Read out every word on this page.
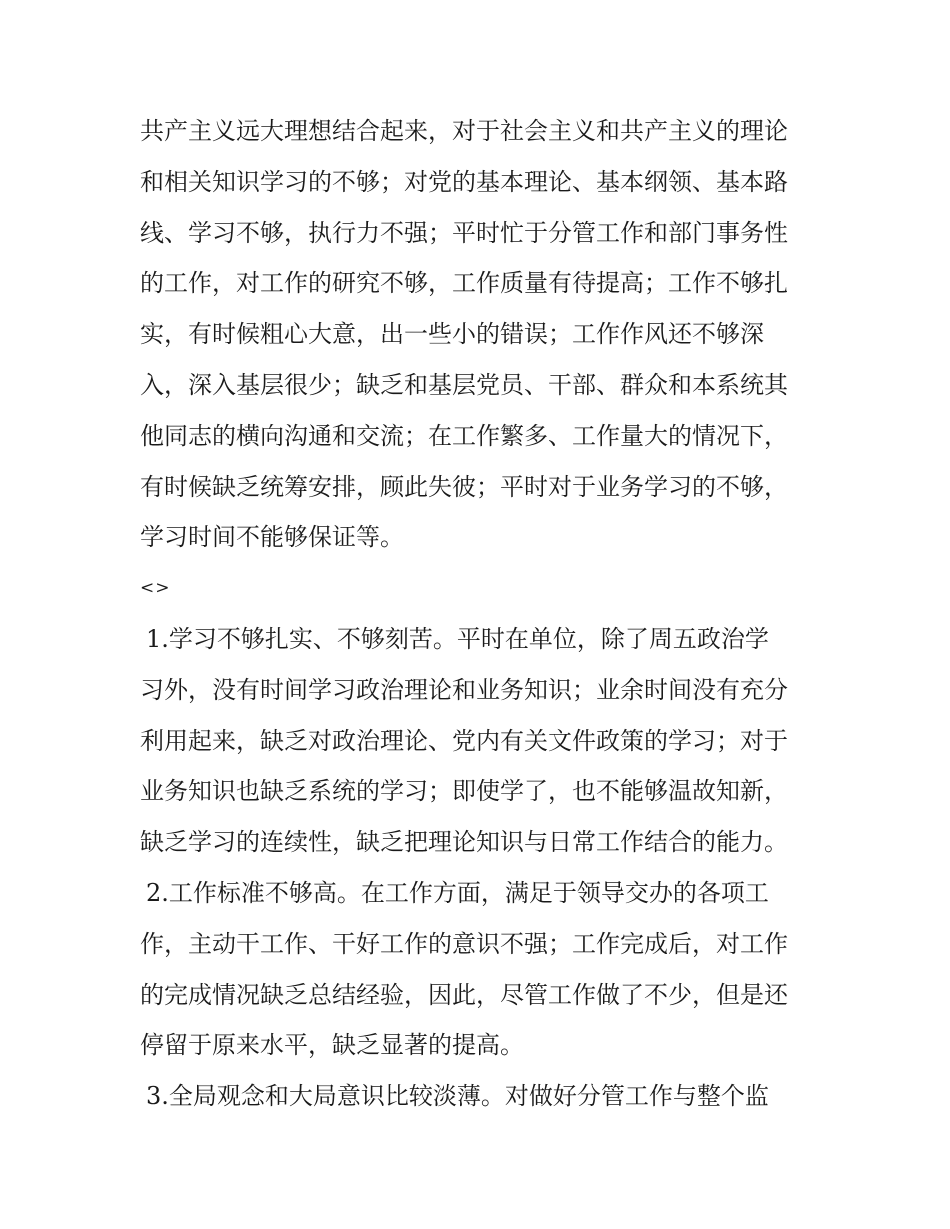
共产主义远大理想结合起来，对于社会主义和共产主义的理论
和相关知识学习的不够；对党的基本理论、基本纲领、基本路
线、学习不够，执行力不强；平时忙于分管工作和部门事务性
的工作，对工作的研究不够，工作质量有待提高；工作不够扎
实，有时候粗心大意，出一些小的错误；工作作风还不够深
入，深入基层很少；缺乏和基层党员、干部、群众和本系统其
他同志的横向沟通和交流；在工作繁多、工作量大的情况下，
有时候缺乏统筹安排，顾此失彼；平时对于业务学习的不够，
学习时间不能够保证等。
<>
1.学习不够扎实、不够刻苦。平时在单位，除了周五政治学
习外，没有时间学习政治理论和业务知识；业余时间没有充分
利用起来，缺乏对政治理论、党内有关文件政策的学习；对于
业务知识也缺乏系统的学习；即使学了，也不能够温故知新，
缺乏学习的连续性，缺乏把理论知识与日常工作结合的能力。
2.工作标准不够高。在工作方面，满足于领导交办的各项工
作，主动干工作、干好工作的意识不强；工作完成后，对工作
的完成情况缺乏总结经验，因此，尽管工作做了不少，但是还
停留于原来水平，缺乏显著的提高。
3.全局观念和大局意识比较淡薄。对做好分管工作与整个监
